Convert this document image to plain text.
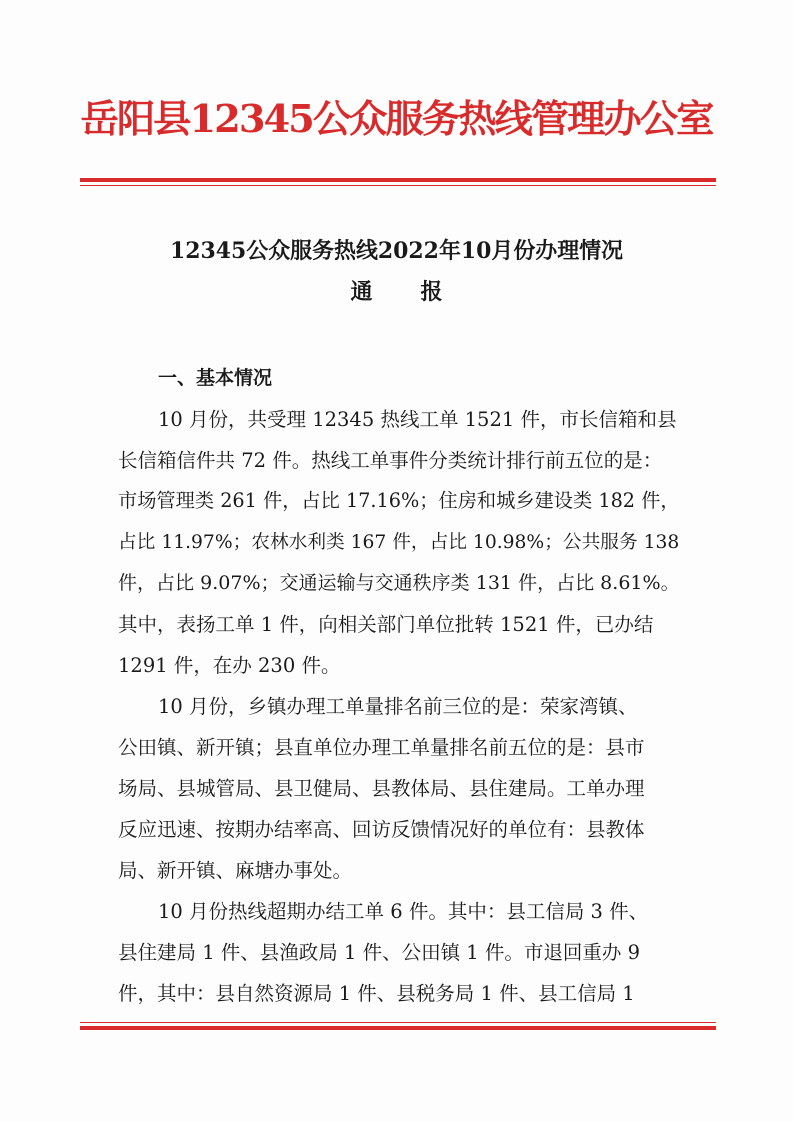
岳阳县12345公众服务热线管理办公室
12345公众服务热线2022年10月份办理情况
通报
一、基本情况
10 月份，共受理 12345 热线工单 1521 件，市长信箱和县
长信箱信件共 72 件。热线工单事件分类统计排行前五位的是：
市场管理类 261 件，占比 17.16%；住房和城乡建设类 182 件，
占比 11.97%；农林水利类 167 件，占比 10.98%；公共服务 138
件，占比 9.07%；交通运输与交通秩序类 131 件，占比 8.61%。
其中，表扬工单 1 件，向相关部门单位批转 1521 件，已办结
1291 件，在办 230 件。
10 月份，乡镇办理工单量排名前三位的是：荣家湾镇、
公田镇、新开镇；县直单位办理工单量排名前五位的是：县市
场局、县城管局、县卫健局、县教体局、县住建局。工单办理
反应迅速、按期办结率高、回访反馈情况好的单位有：县教体
局、新开镇、麻塘办事处。
10 月份热线超期办结工单 6 件。其中：县工信局 3 件、
县住建局 1 件、县渔政局 1 件、公田镇 1 件。市退回重办 9
件，其中：县自然资源局 1 件、县税务局 1 件、县工信局 1
